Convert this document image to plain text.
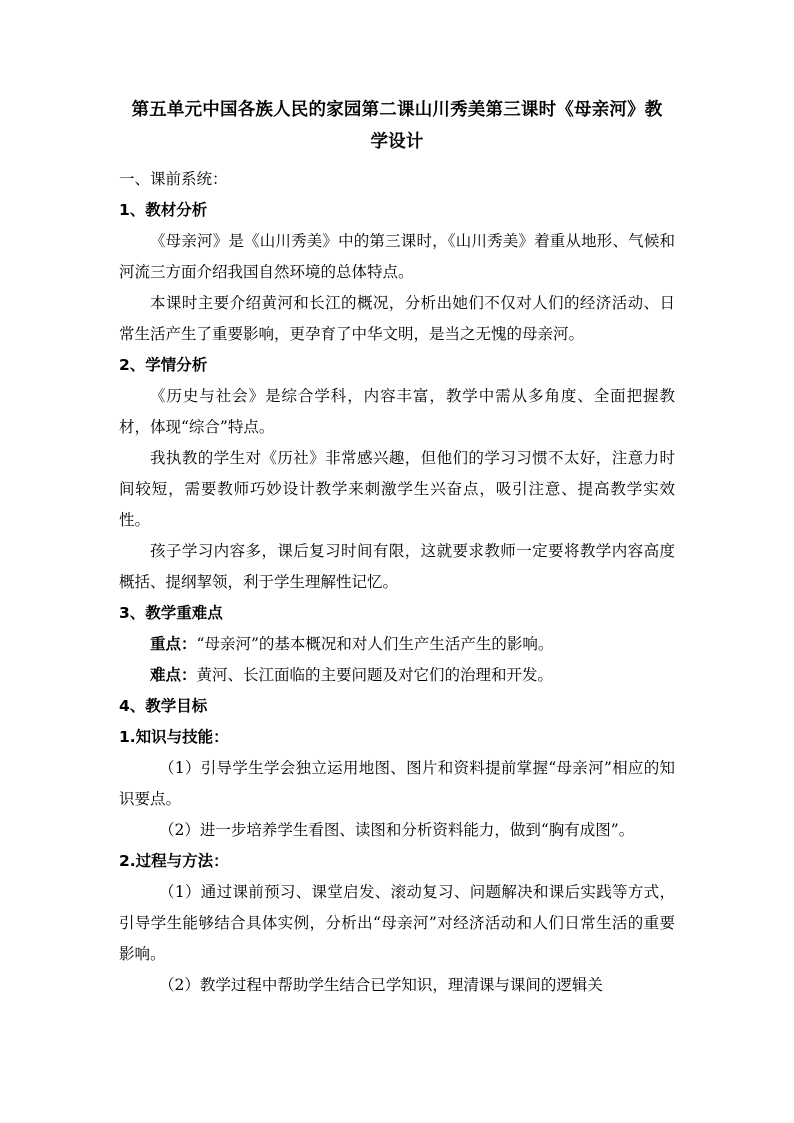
第五单元中国各族人民的家园第二课山川秀美第三课时《母亲河》教
学设计
一、课前系统：
1、教材分析
《母亲河》是《山川秀美》中的第三课时，《山川秀美》着重从地形、气候和河流三方面介绍我国自然环境的总体特点。
本课时主要介绍黄河和长江的概况，分析出她们不仅对人们的经济活动、日常生活产生了重要影响，更孕育了中华文明，是当之无愧的母亲河。
2、学情分析
《历史与社会》是综合学科，内容丰富，教学中需从多角度、全面把握教材，体现“综合”特点。
我执教的学生对《历社》非常感兴趣，但他们的学习习惯不太好，注意力时间较短，需要教师巧妙设计教学来刺激学生兴奋点，吸引注意、提高教学实效性。
孩子学习内容多，课后复习时间有限，这就要求教师一定要将教学内容高度概括、提纲挈领，利于学生理解性记忆。
3、教学重难点
重点：“母亲河”的基本概况和对人们生产生活产生的影响。
难点：黄河、长江面临的主要问题及对它们的治理和开发。
4、教学目标
1.知识与技能：
（1）引导学生学会独立运用地图、图片和资料提前掌握“母亲河”相应的知识要点。
（2）进一步培养学生看图、读图和分析资料能力，做到“胸有成图”。
2.过程与方法：
（1）通过课前预习、课堂启发、滚动复习、问题解决和课后实践等方式，引导学生能够结合具体实例，分析出“母亲河”对经济活动和人们日常生活的重要影响。
（2）教学过程中帮助学生结合已学知识，理清课与课间的逻辑关
